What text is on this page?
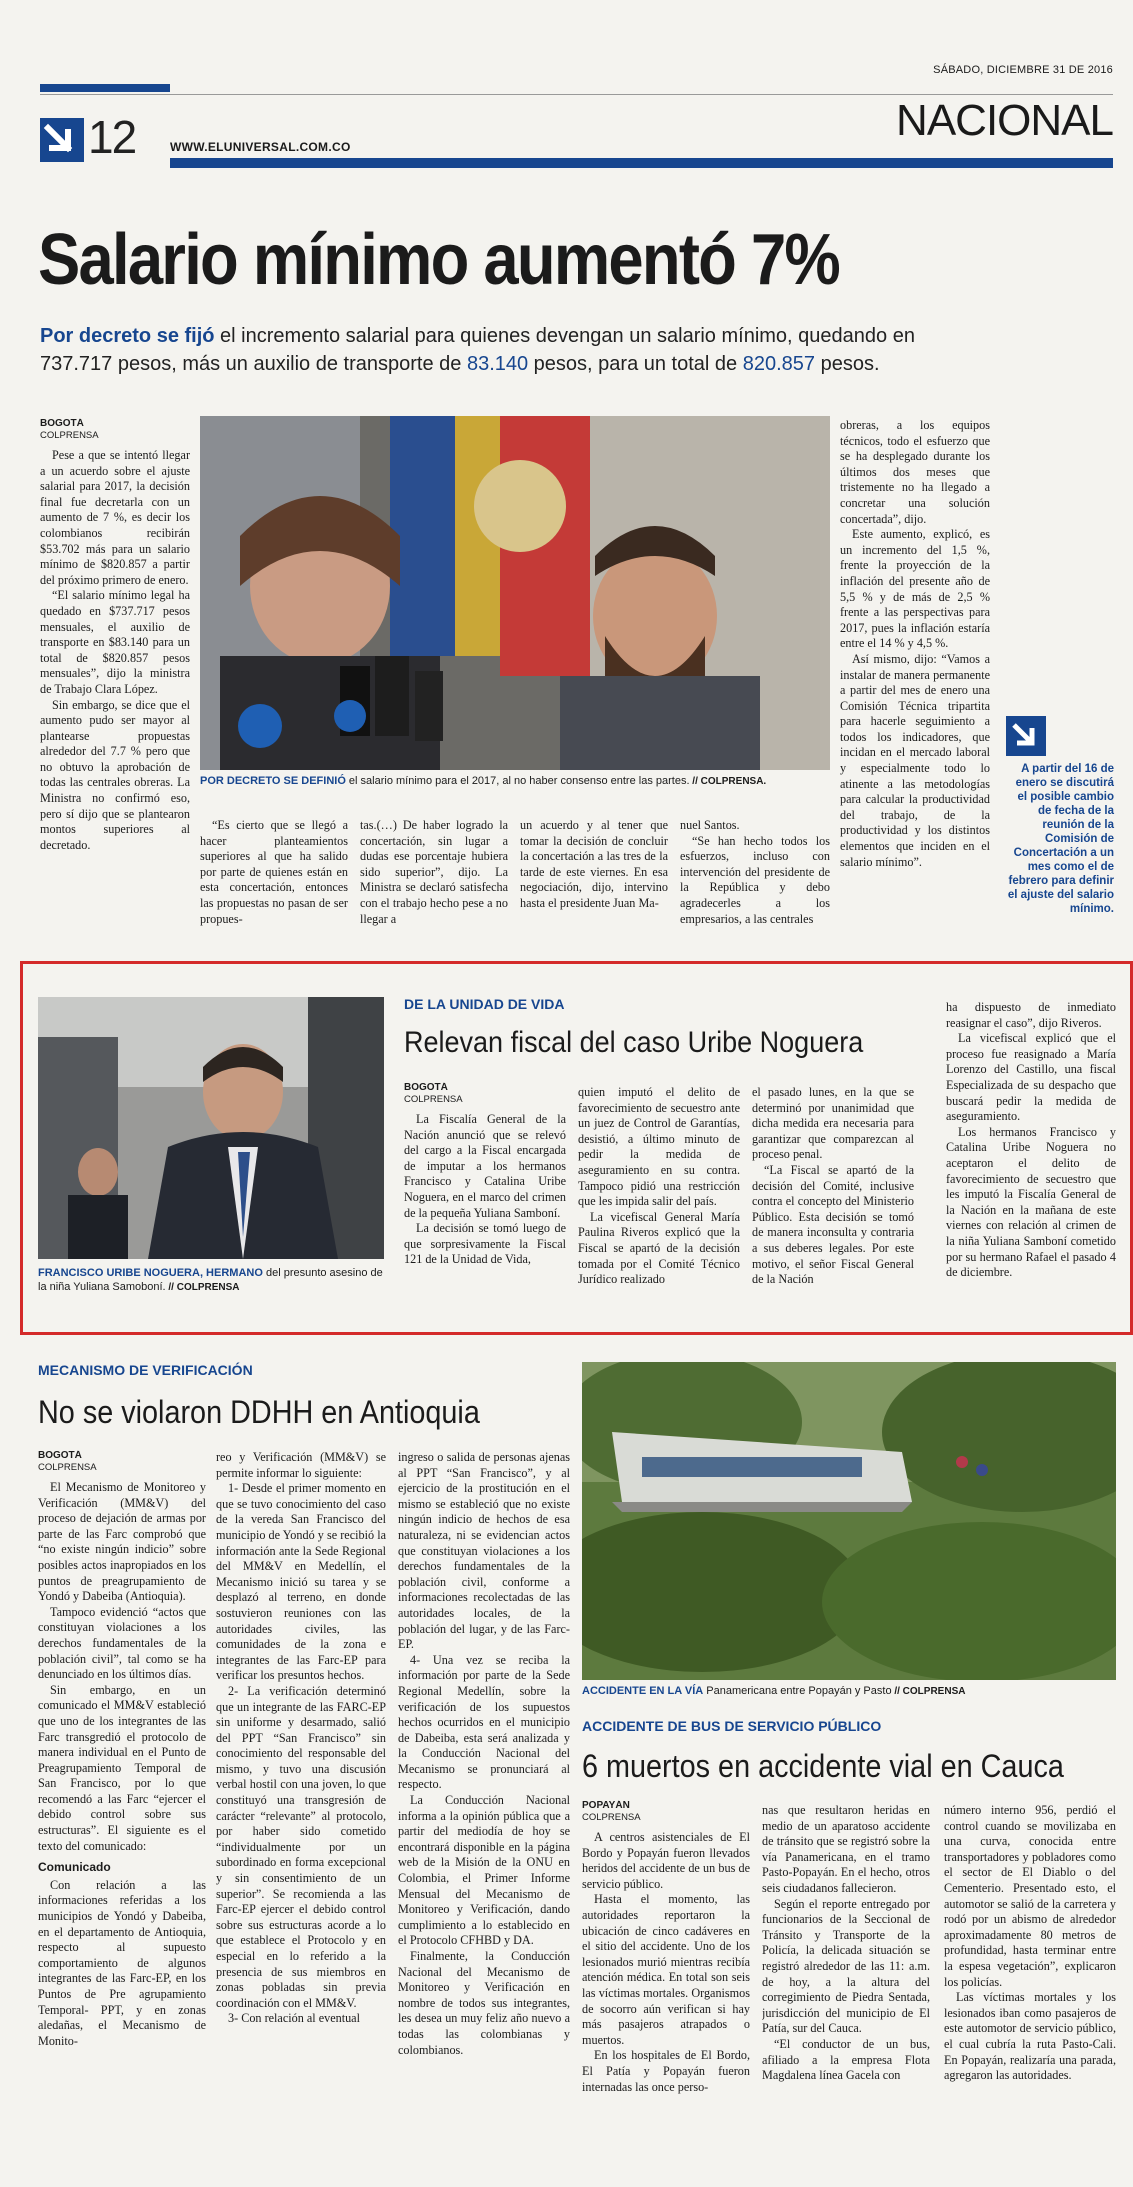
SÁBADO, DICIEMBRE 31 DE 2016
NACIONAL
12	WWW.ELUNIVERSAL.COM.CO
Salario mínimo aumentó 7%
Por decreto se fijó el incremento salarial para quienes devengan un salario mínimo, quedando en
737.717 pesos, más un auxilio de transporte de 83.140 pesos, para un total de 820.857 pesos.

BOGOTÁ

COLPRENSA

Pese a que se intentó llegar a un acuerdo sobre el ajuste salarial para 2017, la decisión final fue decretarla con un aumento de 7 %, es decir los colombianos recibirán $53.702 más para un salario mínimo de $820.857 a partir del próximo primero de enero.

“El salario mínimo legal ha quedado en $737.717 pesos mensuales, el auxilio de transporte en $83.140 para un total de $820.857 pesos mensuales”, dijo la ministra de Trabajo Clara López.

Sin embargo, se dice que el aumento pudo ser mayor al plantearse propuestas alrededor del 7.7 % pero que no obtuvo la aprobación de todas las centrales obreras. La Ministra no confirmó eso, pero sí dijo que se plantearon montos superiores al decretado.

POR DECRETO SE DEFINIÓ el salario mínimo para el 2017, al no haber consenso entre las partes. // COLPRENSA.

“Es cierto que se llegó a hacer planteamientos superiores al que ha salido por parte de quienes están en esta concertación, entonces las propuestas no pasan de ser propues-

tas.(…) De haber logrado la concertación, sin lugar a dudas ese porcentaje hubiera sido superior”, dijo. La Ministra se declaró satisfecha con el trabajo hecho pese a no llegar a

un acuerdo y al tener que tomar la decisión de concluir la concertación a las tres de la tarde de este viernes. En esa negociación, dijo, intervino hasta el presidente Juan Ma-

nuel Santos.

“Se han hecho todos los esfuerzos, incluso con intervención del presidente de la República y debo agradecerles a los empresarios, a las centrales

obreras, a los equipos técnicos, todo el esfuerzo que se ha desplegado durante los últimos dos meses que tristemente no ha llegado a concretar una solución concertada”, dijo.

Este aumento, explicó, es un incremento del 1,5 %, frente la proyección de la inflación del presente año de 5,5 % y de más de 2,5 % frente a las perspectivas para 2017, pues la inflación estaría entre el 14 % y 4,5 %.

Así mismo, dijo: “Vamos a instalar de manera permanente a partir del mes de enero una Comisión Técnica tripartita para hacerle seguimiento a todos los indicadores, que incidan en el mercado laboral y especialmente todo lo atinente a las metodologías para calcular la productividad del trabajo, de la productividad y los distintos elementos que inciden en el salario mínimo”.

A partir del 16 de enero se discutirá el posible cambio de fecha de la reunión de la Comisión de Concertación a un mes como el de febrero para definir el ajuste del salario mínimo.
FRANCISCO URIBE NOGUERA, HERMANO del presunto asesino de la niña Yuliana Samoboní. // COLPRENSA
DE LA UNIDAD DE VIDA
Relevan fiscal del caso Uribe Noguera

BOGOTÁ

COLPRENSA

La Fiscalía General de la Nación anunció que se relevó del cargo a la Fiscal encargada de imputar a los hermanos Francisco y Catalina Uribe Noguera, en el marco del crimen de la pequeña Yuliana Samboní.

La decisión se tomó luego de que sorpresivamente la Fiscal 121 de la Unidad de Vida,

quien imputó el delito de favorecimiento de secuestro ante un juez de Control de Garantías, desistió, a último minuto de pedir la medida de aseguramiento en su contra. Tampoco pidió una restricción que les impida salir del país.

La vicefiscal General María Paulina Riveros explicó que la Fiscal se apartó de la decisión tomada por el Comité Técnico Jurídico realizado

el pasado lunes, en la que se determinó por unanimidad que dicha medida era necesaria para garantizar que comparezcan al proceso penal.

“La Fiscal se apartó de la decisión del Comité, inclusive contra el concepto del Ministerio Público. Esta decisión se tomó de manera inconsulta y contraria a sus deberes legales. Por este motivo, el señor Fiscal General de la Nación

ha dispuesto de inmediato reasignar el caso”, dijo Riveros.

La vicefiscal explicó que el proceso fue reasignado a María Lorenzo del Castillo, una fiscal Especializada de su despacho que buscará pedir la medida de aseguramiento.

Los hermanos Francisco y Catalina Uribe Noguera no aceptaron el delito de favorecimiento de secuestro que les imputó la Fiscalía General de la Nación en la mañana de este viernes con relación al crimen de la niña Yuliana Samboní cometido por su hermano Rafael el pasado 4 de diciembre.

MECANISMO DE VERIFICACIÓN
No se violaron DDHH en Antioquia

BOGOTÁ

COLPRENSA

El Mecanismo de Monitoreo y Verificación (MM&V) del proceso de dejación de armas por parte de las Farc comprobó que “no existe ningún indicio” sobre posibles actos inapropiados en los puntos de preagrupamiento de Yondó y Dabeiba (Antioquia).

Tampoco evidenció “actos que constituyan violaciones a los derechos fundamentales de la población civil”, tal como se ha denunciado en los últimos días.

Sin embargo, en un comunicado el MM&V estableció que uno de los integrantes de las Farc transgredió el protocolo de manera individual en el Punto de Preagrupamiento Temporal de San Francisco, por lo que recomendó a las Farc “ejercer el debido control sobre sus estructuras”. El siguiente es el texto del comunicado:

Comunicado

Con relación a las informaciones referidas a los municipios de Yondó y Dabeiba, en el departamento de Antioquia, respecto al supuesto comportamiento de algunos integrantes de las Farc-EP, en los Puntos de Pre agrupamiento Temporal- PPT, y en zonas aledañas, el Mecanismo de Monito-

reo y Verificación (MM&V) se permite informar lo siguiente:

1- Desde el primer momento en que se tuvo conocimiento del caso de la vereda San Francisco del municipio de Yondó y se recibió la información ante la Sede Regional del MM&V en Medellín, el Mecanismo inició su tarea y se desplazó al terreno, en donde sostuvieron reuniones con las autoridades civiles, las comunidades de la zona e integrantes de las Farc-EP para verificar los presuntos hechos.

2- La verificación determinó que un integrante de las FARC-EP sin uniforme y desarmado, salió del PPT “San Francisco” sin conocimiento del responsable del mismo, y tuvo una discusión verbal hostil con una joven, lo que constituyó una transgresión de carácter “relevante” al protocolo, por haber sido cometido “individualmente por un subordinado en forma excepcional y sin consentimiento de un superior”. Se recomienda a las Farc-EP ejercer el debido control sobre sus estructuras acorde a lo que establece el Protocolo y en especial en lo referido a la presencia de sus miembros en zonas pobladas sin previa coordinación con el MM&V.

3- Con relación al eventual

ingreso o salida de personas ajenas al PPT “San Francisco”, y al ejercicio de la prostitución en el mismo se estableció que no existe ningún indicio de hechos de esa naturaleza, ni se evidencian actos que constituyan violaciones a los derechos fundamentales de la población civil, conforme a informaciones recolectadas de las autoridades locales, de la población del lugar, y de las Farc-EP.

4- Una vez se reciba la información por parte de la Sede Regional Medellín, sobre la verificación de los supuestos hechos ocurridos en el municipio de Dabeiba, esta será analizada y la Conducción Nacional del Mecanismo se pronunciará al respecto.

La Conducción Nacional informa a la opinión pública que a partir del mediodía de hoy se encontrará disponible en la página web de la Misión de la ONU en Colombia, el Primer Informe Mensual del Mecanismo de Monitoreo y Verificación, dando cumplimiento a lo establecido en el Protocolo CFHBD y DA.

Finalmente, la Conducción Nacional del Mecanismo de Monitoreo y Verificación en nombre de todos sus integrantes, les desea un muy feliz año nuevo a todas las colombianas y colombianos.

ACCIDENTE EN LA VÍA Panamericana entre Popayán y Pasto // COLPRENSA
ACCIDENTE DE BUS DE SERVICIO PÚBLICO
6 muertos en accidente vial en Cauca

POPAYÁN

COLPRENSA

A centros asistenciales de El Bordo y Popayán fueron llevados heridos del accidente de un bus de servicio público.

Hasta el momento, las autoridades reportaron la ubicación de cinco cadáveres en el sitio del accidente. Uno de los lesionados murió mientras recibía atención médica. En total son seis las víctimas mortales. Organismos de socorro aún verifican si hay más pasajeros atrapados o muertos.

En los hospitales de El Bordo, El Patía y Popayán fueron internadas las once perso-

nas que resultaron heridas en medio de un aparatoso accidente de tránsito que se registró sobre la vía Panamericana, en el tramo Pasto-Popayán. En el hecho, otros seis ciudadanos fallecieron.

Según el reporte entregado por funcionarios de la Seccional de Tránsito y Transporte de la Policía, la delicada situación se registró alrededor de las 11: a.m. de hoy, a la altura del corregimiento de Piedra Sentada, jurisdicción del municipio de El Patía, sur del Cauca.

“El conductor de un bus, afiliado a la empresa Flota Magdalena línea Gacela con

número interno 956, perdió el control cuando se movilizaba en una curva, conocida entre transportadores y pobladores como el sector de El Diablo o del Cementerio. Presentado esto, el automotor se salió de la carretera y rodó por un abismo de alrededor aproximadamente 80 metros de profundidad, hasta terminar entre la espesa vegetación”, explicaron los policías.

Las víctimas mortales y los lesionados iban como pasajeros de este automotor de servicio público, el cual cubría la ruta Pasto-Cali. En Popayán, realizaría una parada, agregaron las autoridades.
